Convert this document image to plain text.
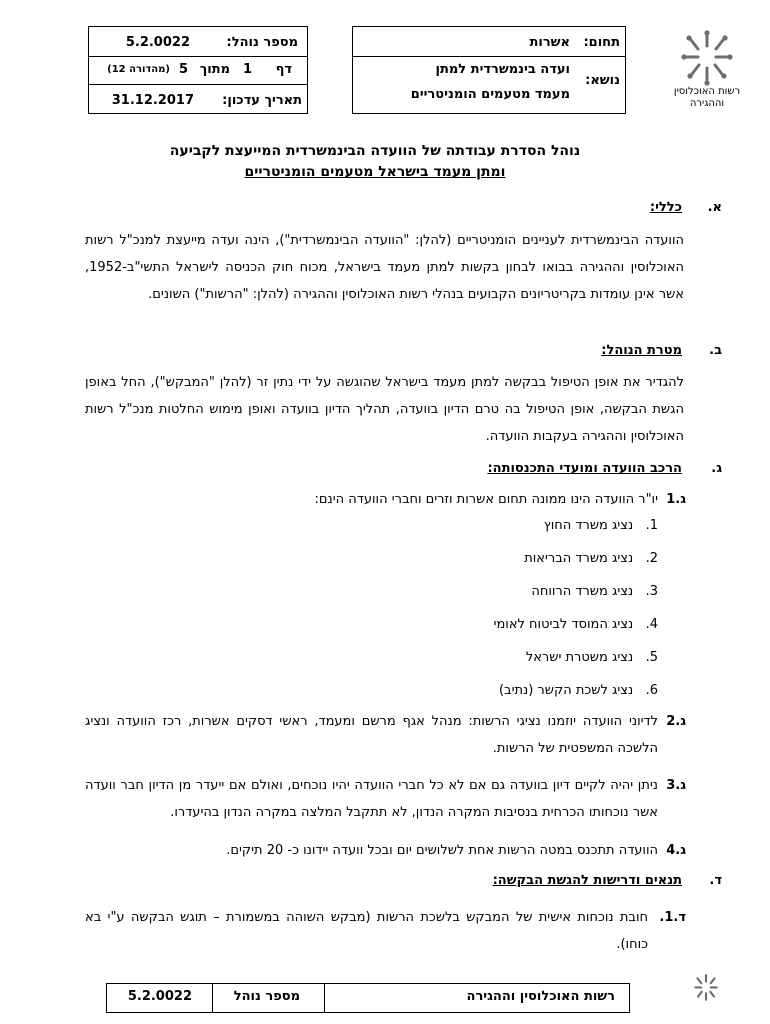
רשות האוכלוסין
וההגירה
תחום:
אשרות
נושא:
ועדה בינמשרדית למתן
מעמד מטעמים הומניטריים
מספר נוהל:
5.2.0022
דף
1
מתוך
5
(מהדורה 12)
תאריך עדכון:
31.12.2017
נוהל הסדרת עבודתה של הוועדה הבינמשרדית המייעצת לקביעה
ומתן מעמד בישראל מטעמים הומניטריים
א.
כללי:
הוועדה הבינמשרדית לעניינים הומניטריים (להלן: "הוועדה הבינמשרדית"), הינה ועדה מייעצת למנכ"ל רשות האוכלוסין וההגירה בבואו לבחון בקשות למתן מעמד בישראל, מכוח חוק הכניסה לישראל התשי"ב-1952, אשר אינן עומדות בקריטריונים הקבועים בנהלי רשות האוכלוסין וההגירה (להלן: "הרשות") השונים.
ב.
מטרת הנוהל:
להגדיר את אופן הטיפול בבקשה למתן מעמד בישראל שהוגשה על ידי נתין זר (להלן "המבקש"), החל באופן הגשת הבקשה, אופן הטיפול בה טרם הדיון בוועדה, תהליך הדיון בוועדה ואופן מימוש החלטות מנכ"ל רשות האוכלוסין וההגירה בעקבות הוועדה.
ג.
הרכב הוועדה ומועדי התכנסותה:
ג.1
יו"ר הוועדה הינו ממונה תחום אשרות וזרים וחברי הוועדה הינם:
1.   נציג משרד החוץ
2.   נציג משרד הבריאות
3.   נציג משרד הרווחה
4.   נציג המוסד לביטוח לאומי
5.   נציג משטרת ישראל
6.   נציג לשכת הקשר (נתיב)
ג.2
לדיוני הוועדה יוזמנו נציגי הרשות: מנהל אגף מרשם ומעמד, ראשי דסקים אשרות, רכז הוועדה ונציג הלשכה המשפטית של הרשות.
ג.3
ניתן יהיה לקיים דיון בוועדה גם אם לא כל חברי הוועדה יהיו נוכחים, ואולם אם ייעדר מן הדיון חבר וועדה אשר נוכחותו הכרחית בנסיבות המקרה הנדון, לא תתקבל המלצה במקרה הנדון בהיעדרו.
ג.4
הוועדה תתכנס במטה הרשות אחת לשלושים יום ובכל וועדה יידונו כ- 20 תיקים.
ד.
תנאים ודרישות להגשת הבקשה:
ד.1.
חובת נוכחות אישית של המבקש בלשכת הרשות (מבקש השוהה במשמורת – תוגש הבקשה ע"י בא כוחו).
רשות האוכלוסין וההגירה
מספר נוהל
5.2.0022
